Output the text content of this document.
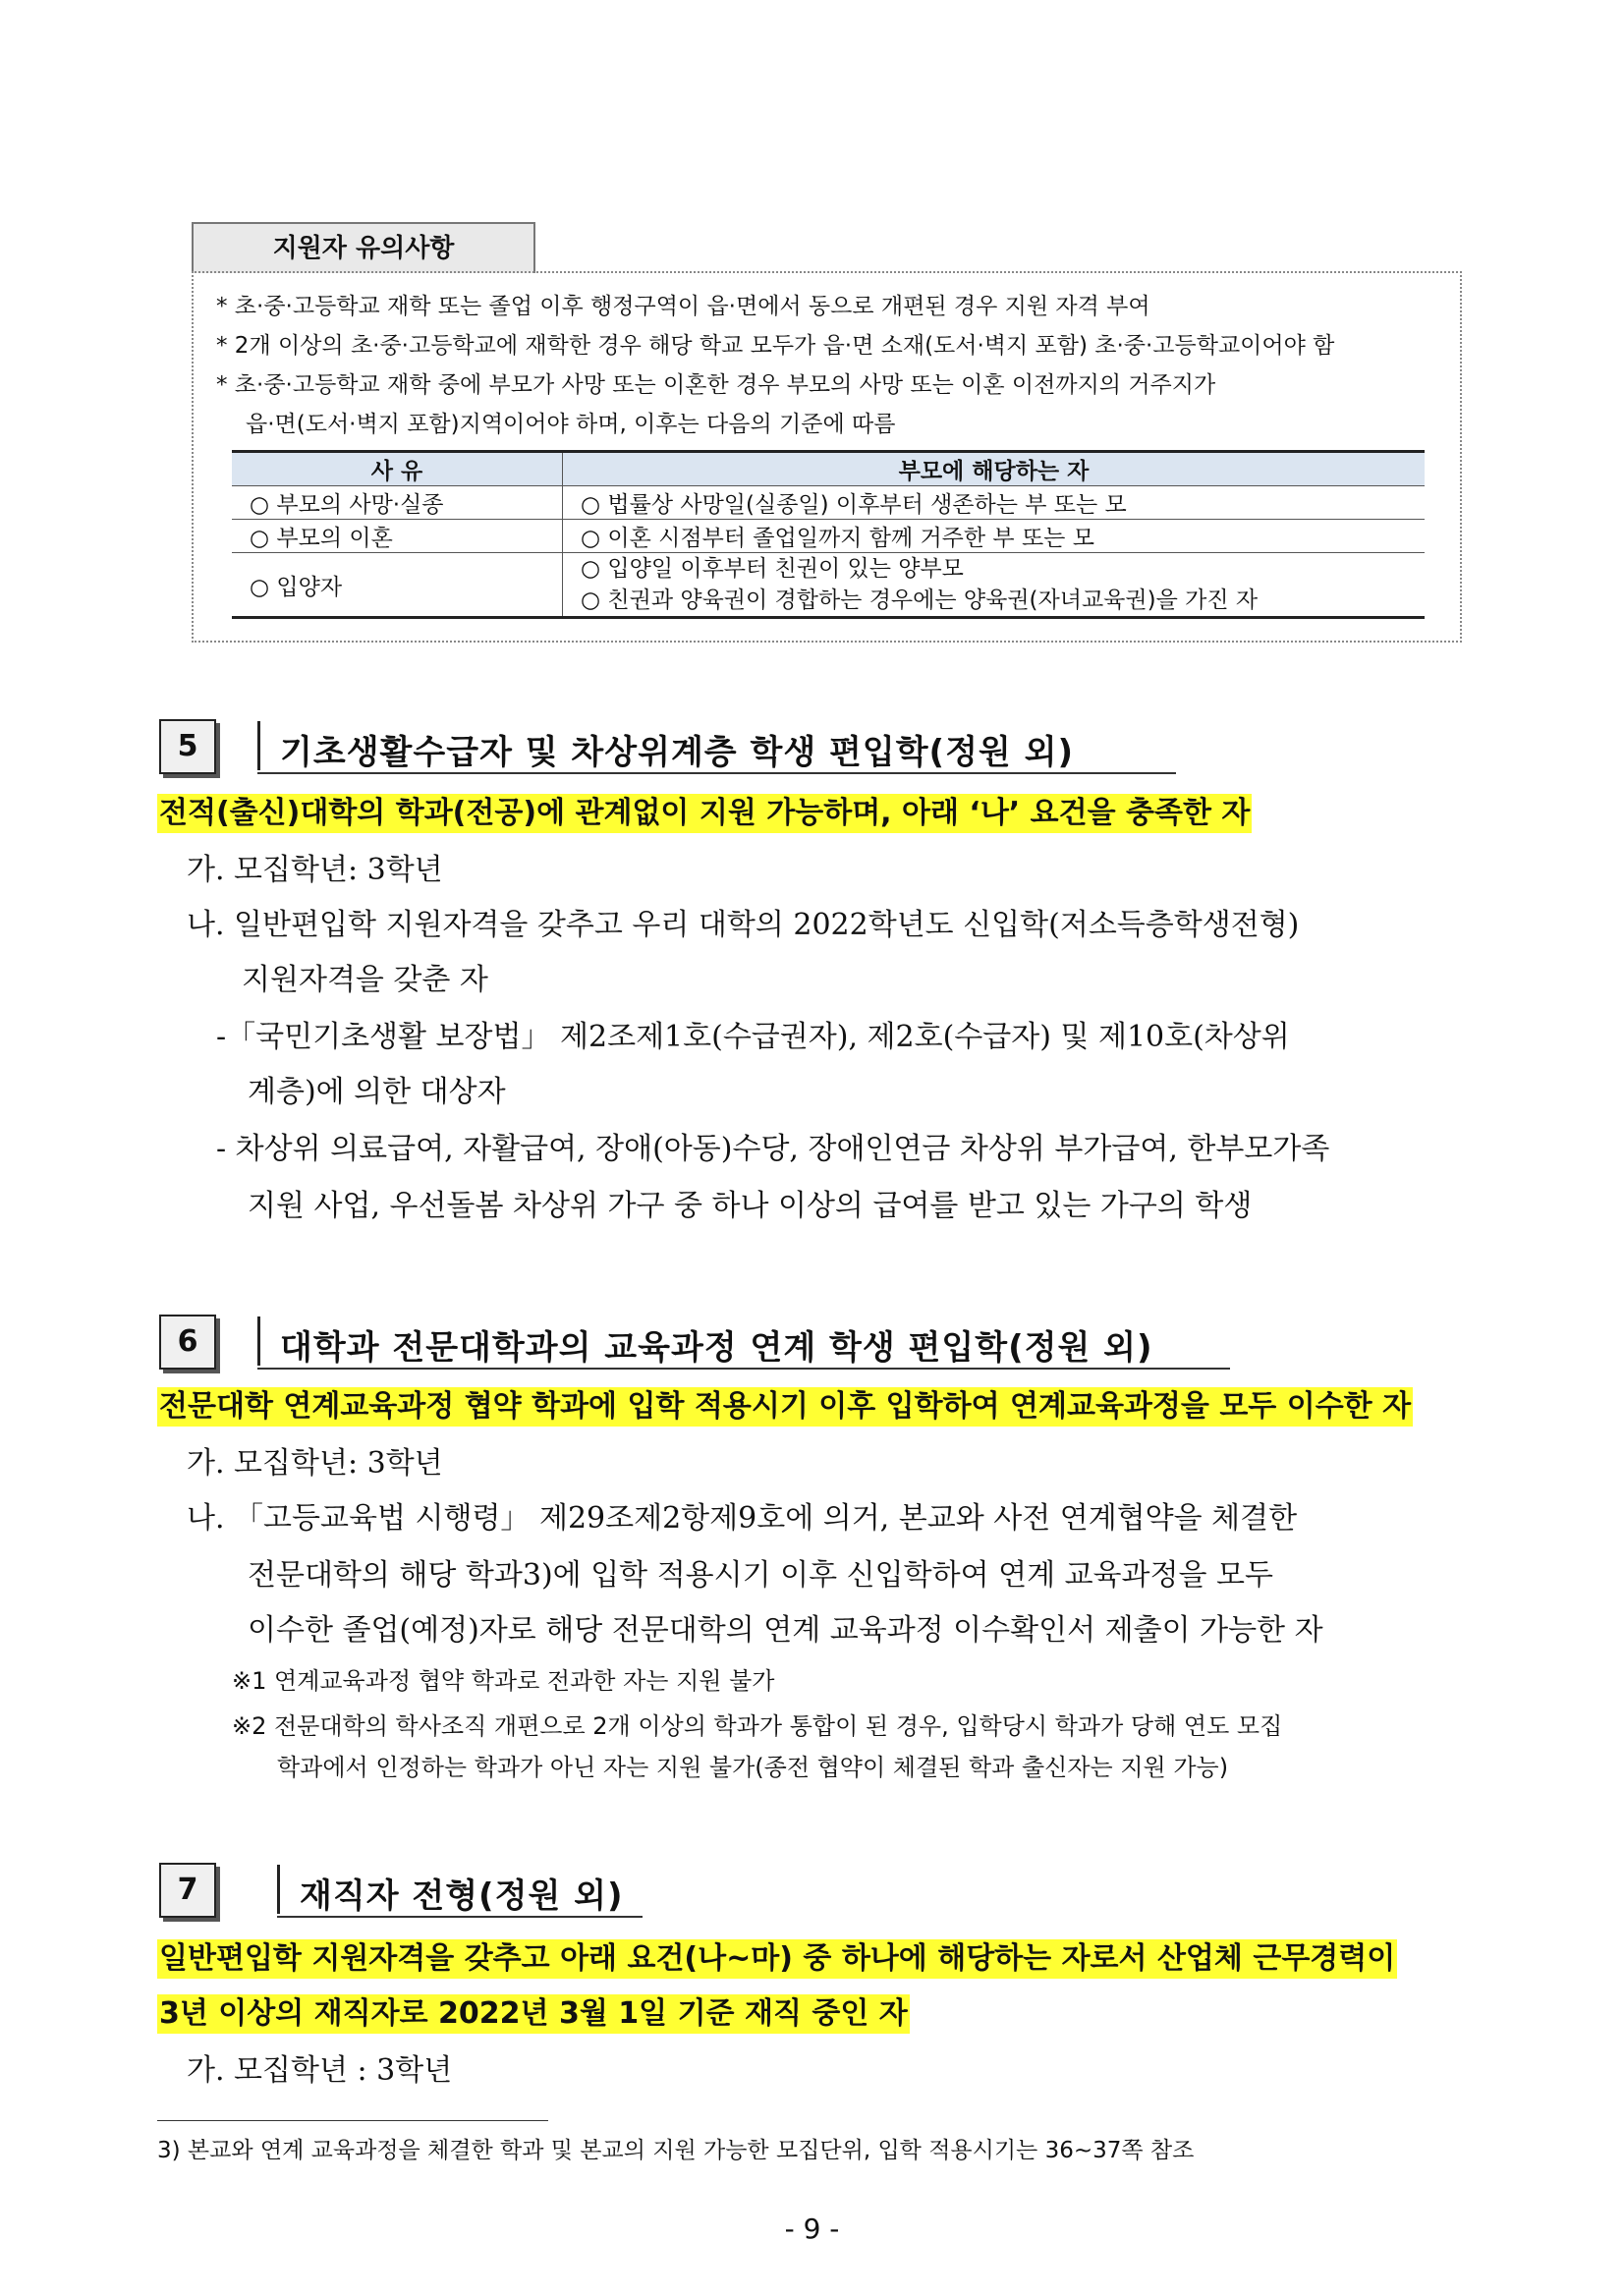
지원자 유의사항
* 초·중·고등학교 재학 또는 졸업 이후 행정구역이 읍·면에서 동으로 개편된 경우 지원 자격 부여
* 2개 이상의 초·중·고등학교에 재학한 경우 해당 학교 모두가 읍·면 소재(도서·벽지 포함) 초·중·고등학교이어야 함
* 초·중·고등학교 재학 중에 부모가 사망 또는 이혼한 경우 부모의 사망 또는 이혼 이전까지의 거주지가
읍·면(도서·벽지 포함)지역이어야 하며, 이후는 다음의 기준에 따름
사 유	부모에 해당하는 자
○ 부모의 사망·실종	○ 법률상 사망일(실종일) 이후부터 생존하는 부 또는 모
○ 부모의 이혼	○ 이혼 시점부터 졸업일까지 함께 거주한 부 또는 모
○ 입양자	○ 입양일 이후부터 친권이 있는 양부모
○ 친권과 양육권이 경합하는 경우에는 양육권(자녀교육권)을 가진 자
5	기초생활수급자 및 차상위계층 학생 편입학(정원 외)
전적(출신)대학의 학과(전공)에 관계없이 지원 가능하며, 아래 ‘나’ 요건을 충족한 자
가. 모집학년: 3학년
나. 일반편입학 지원자격을 갖추고 우리 대학의 2022학년도 신입학(저소득층학생전형)
지원자격을 갖춘 자
-「국민기초생활 보장법」 제2조제1호(수급권자), 제2호(수급자) 및 제10호(차상위
계층)에 의한 대상자
- 차상위 의료급여, 자활급여, 장애(아동)수당, 장애인연금 차상위 부가급여, 한부모가족
지원 사업, 우선돌봄 차상위 가구 중 하나 이상의 급여를 받고 있는 가구의 학생
6	대학과 전문대학과의 교육과정 연계 학생 편입학(정원 외)
전문대학 연계교육과정 협약 학과에 입학 적용시기 이후 입학하여 연계교육과정을 모두 이수한 자
가. 모집학년: 3학년
나. 「고등교육법 시행령」 제29조제2항제9호에 의거, 본교와 사전 연계협약을 체결한
전문대학의 해당 학과3)에 입학 적용시기 이후 신입학하여 연계 교육과정을 모두
이수한 졸업(예정)자로 해당 전문대학의 연계 교육과정 이수확인서 제출이 가능한 자
※1 연계교육과정 협약 학과로 전과한 자는 지원 불가
※2 전문대학의 학사조직 개편으로 2개 이상의 학과가 통합이 된 경우, 입학당시 학과가 당해 연도 모집
학과에서 인정하는 학과가 아닌 자는 지원 불가(종전 협약이 체결된 학과 출신자는 지원 가능)
7	재직자 전형(정원 외)
일반편입학 지원자격을 갖추고 아래 요건(나~마) 중 하나에 해당하는 자로서 산업체 근무경력이
3년 이상의 재직자로 2022년 3월 1일 기준 재직 중인 자
가. 모집학년 : 3학년
3) 본교와 연계 교육과정을 체결한 학과 및 본교의 지원 가능한 모집단위, 입학 적용시기는 36~37쪽 참조
- 9 -
